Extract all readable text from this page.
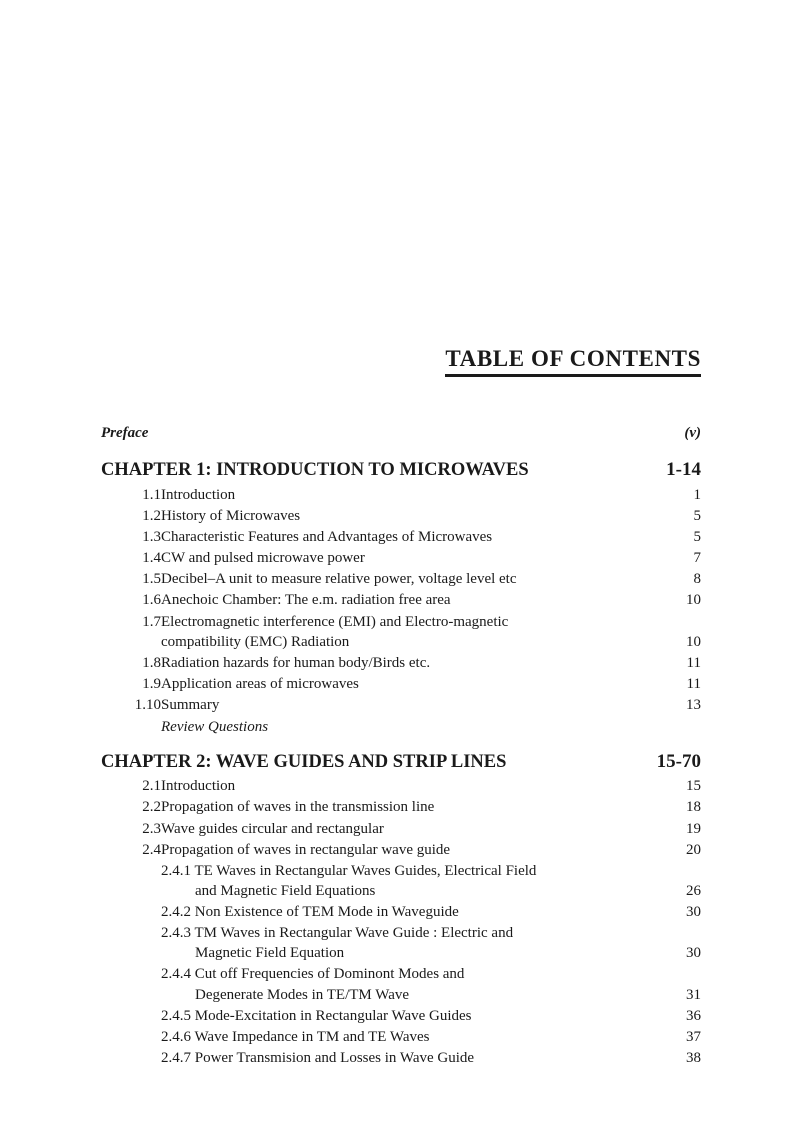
TABLE OF CONTENTS
Preface	(v)
CHAPTER 1: INTRODUCTION TO MICROWAVES	1-14
1.1 Introduction	1
1.2 History of Microwaves	5
1.3 Characteristic Features and Advantages of Microwaves	5
1.4 CW and pulsed microwave power	7
1.5 Decibel–A unit to measure relative power, voltage level etc	8
1.6 Anechoic Chamber: The e.m. radiation free area	10
1.7 Electromagnetic interference (EMI) and Electro-magnetic
compatibility (EMC) Radiation	10
1.8 Radiation hazards for human body/Birds etc.	11
1.9 Application areas of microwaves	11
1.10 Summary	13
Review Questions
CHAPTER 2: WAVE GUIDES AND STRIP LINES	15-70
2.1 Introduction	15
2.2 Propagation of waves in the transmission line	18
2.3 Wave guides circular and rectangular	19
2.4 Propagation of waves in rectangular wave guide	20
2.4.1 TE Waves in Rectangular Waves Guides, Electrical Field
and Magnetic Field Equations	26
2.4.2 Non Existence of TEM Mode in Waveguide	30
2.4.3 TM Waves in Rectangular Wave Guide : Electric and
Magnetic Field Equation	30
2.4.4 Cut off Frequencies of Dominont Modes and
Degenerate Modes in TE/TM Wave	31
2.4.5 Mode-Excitation in Rectangular Wave Guides	36
2.4.6 Wave Impedance in TM and TE Waves	37
2.4.7 Power Transmision and Losses in Wave Guide	38
